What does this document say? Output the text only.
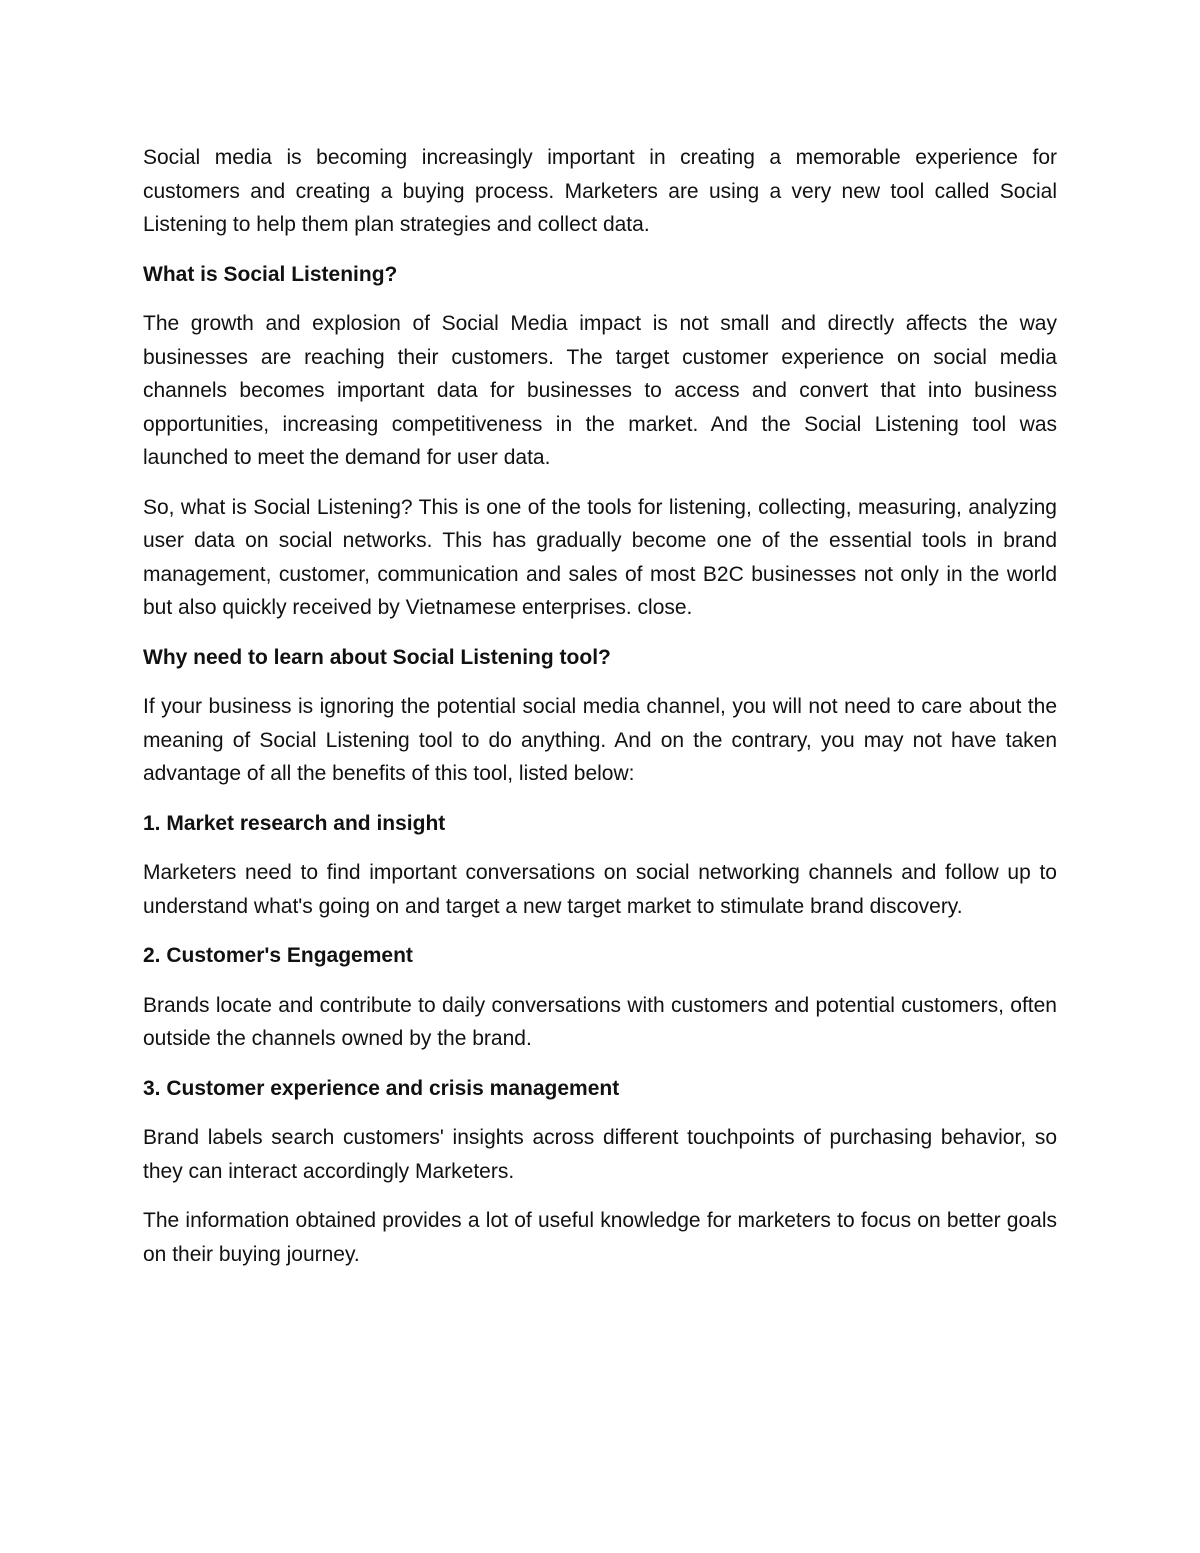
Social media is becoming increasingly important in creating a memorable experience for customers and creating a buying process. Marketers are using a very new tool called Social Listening to help them plan strategies and collect data.

What is Social Listening?

The growth and explosion of Social Media impact is not small and directly affects the way businesses are reaching their customers. The target customer experience on social media channels becomes important data for businesses to access and convert that into business opportunities, increasing competitiveness in the market. And the Social Listening tool was launched to meet the demand for user data.

So, what is Social Listening? This is one of the tools for listening, collecting, measuring, analyzing user data on social networks. This has gradually become one of the essential tools in brand management, customer, communication and sales of most B2C businesses not only in the world but also quickly received by Vietnamese enterprises. close.

Why need to learn about Social Listening tool?

If your business is ignoring the potential social media channel, you will not need to care about the meaning of Social Listening tool to do anything. And on the contrary, you may not have taken advantage of all the benefits of this tool, listed below:

1. Market research and insight

Marketers need to find important conversations on social networking channels and follow up to understand what's going on and target a new target market to stimulate brand discovery.

2. Customer's Engagement

Brands locate and contribute to daily conversations with customers and potential customers, often outside the channels owned by the brand.

3. Customer experience and crisis management

Brand labels search customers' insights across different touchpoints of purchasing behavior, so they can interact accordingly Marketers.

The information obtained provides a lot of useful knowledge for marketers to focus on better goals on their buying journey.
